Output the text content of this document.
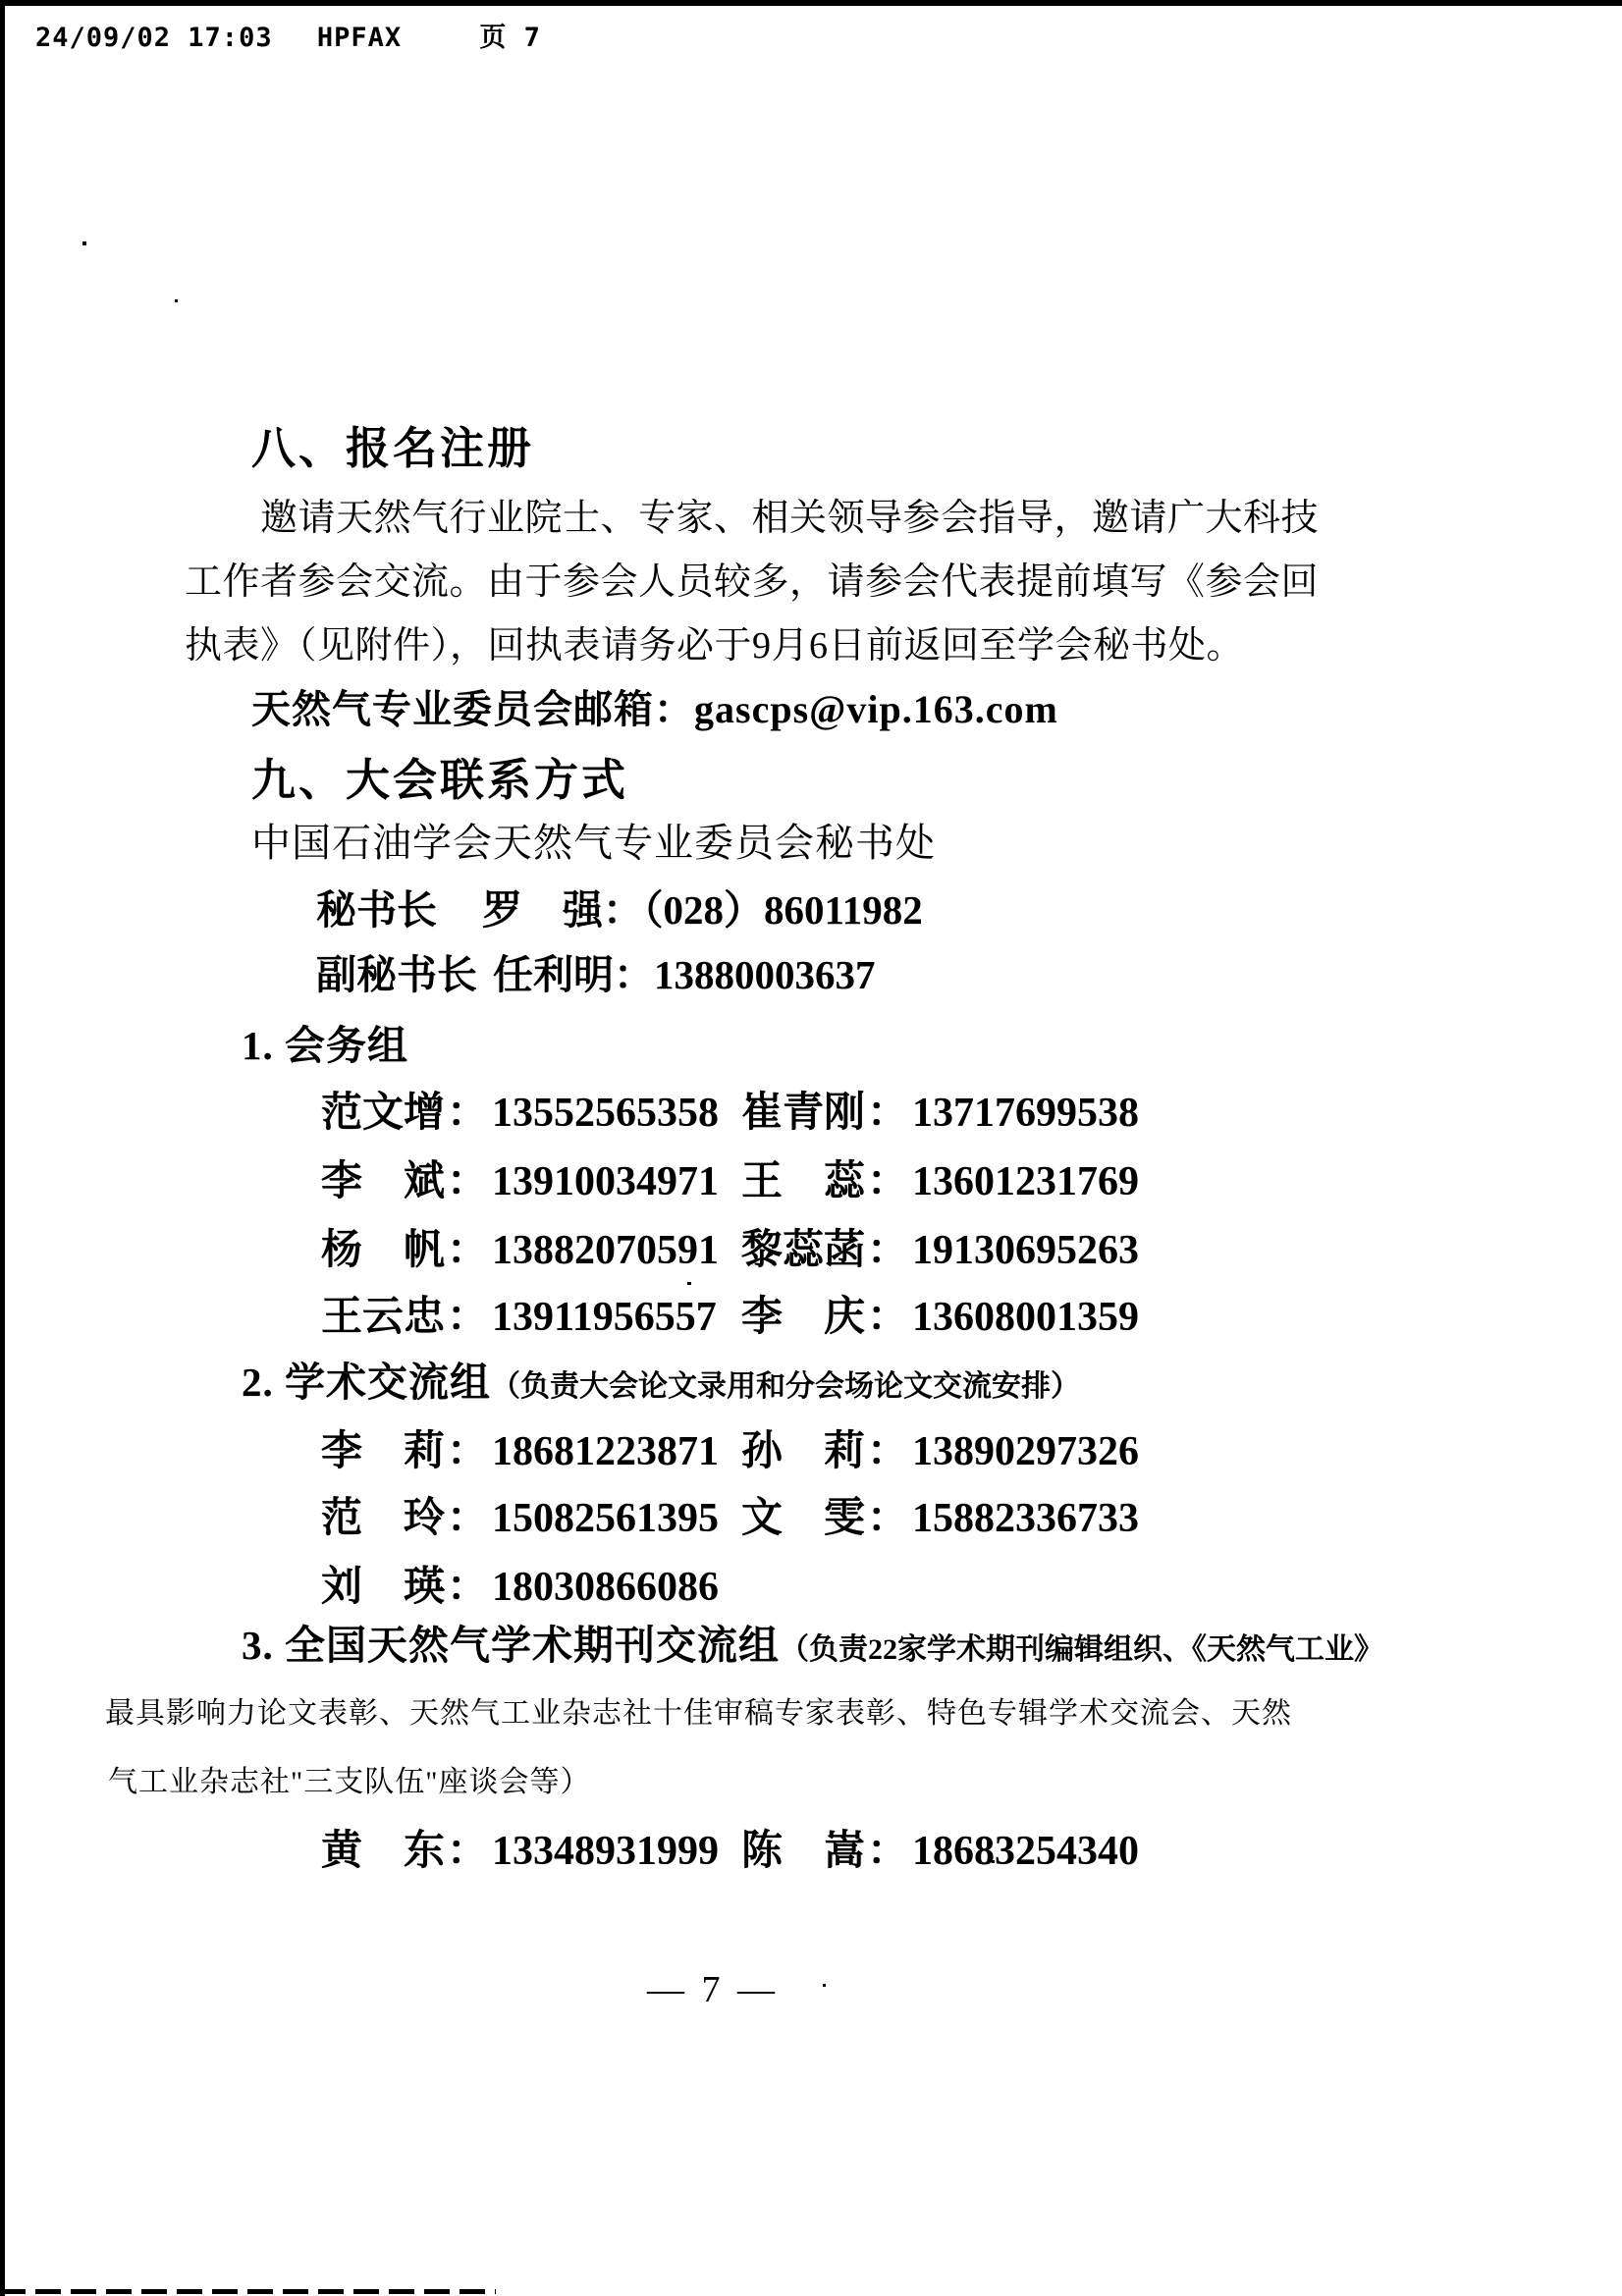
24/09/02 17:03 HPFAX	页 7
八、报名注册
邀请天然气行业院士、专家、相关领导参会指导，邀请广大科技
工作者参会交流。由于参会人员较多，请参会代表提前填写《参会回
执表》（见附件），回执表请务必于9月6日前返回至学会秘书处。
天然气专业委员会邮箱：gascps@vip.163.com
九、大会联系方式
中国石油学会天然气专业委员会秘书处
秘书长 罗　强：（028）86011982
副秘书长 任利明：13880003637
1. 会务组
范文增：13552565358 崔青刚：13717699538
李　斌：13910034971 王　蕊：13601231769
杨　帆：13882070591 黎蕊菡：19130695263
王云忠：13911956557 李　庆：13608001359
2. 学术交流组（负责大会论文录用和分会场论文交流安排）
李　莉：18681223871 孙　莉：13890297326
范　玲：15082561395 文　雯：15882336733
刘　瑛：18030866086
3. 全国天然气学术期刊交流组（负责22家学术期刊编辑组织、《天然气工业》
最具影响力论文表彰、天然气工业杂志社十佳审稿专家表彰、特色专辑学术交流会、天然
气工业杂志社"三支队伍"座谈会等）
黄　东：13348931999 陈　嵩：18683254340
— 7 —
